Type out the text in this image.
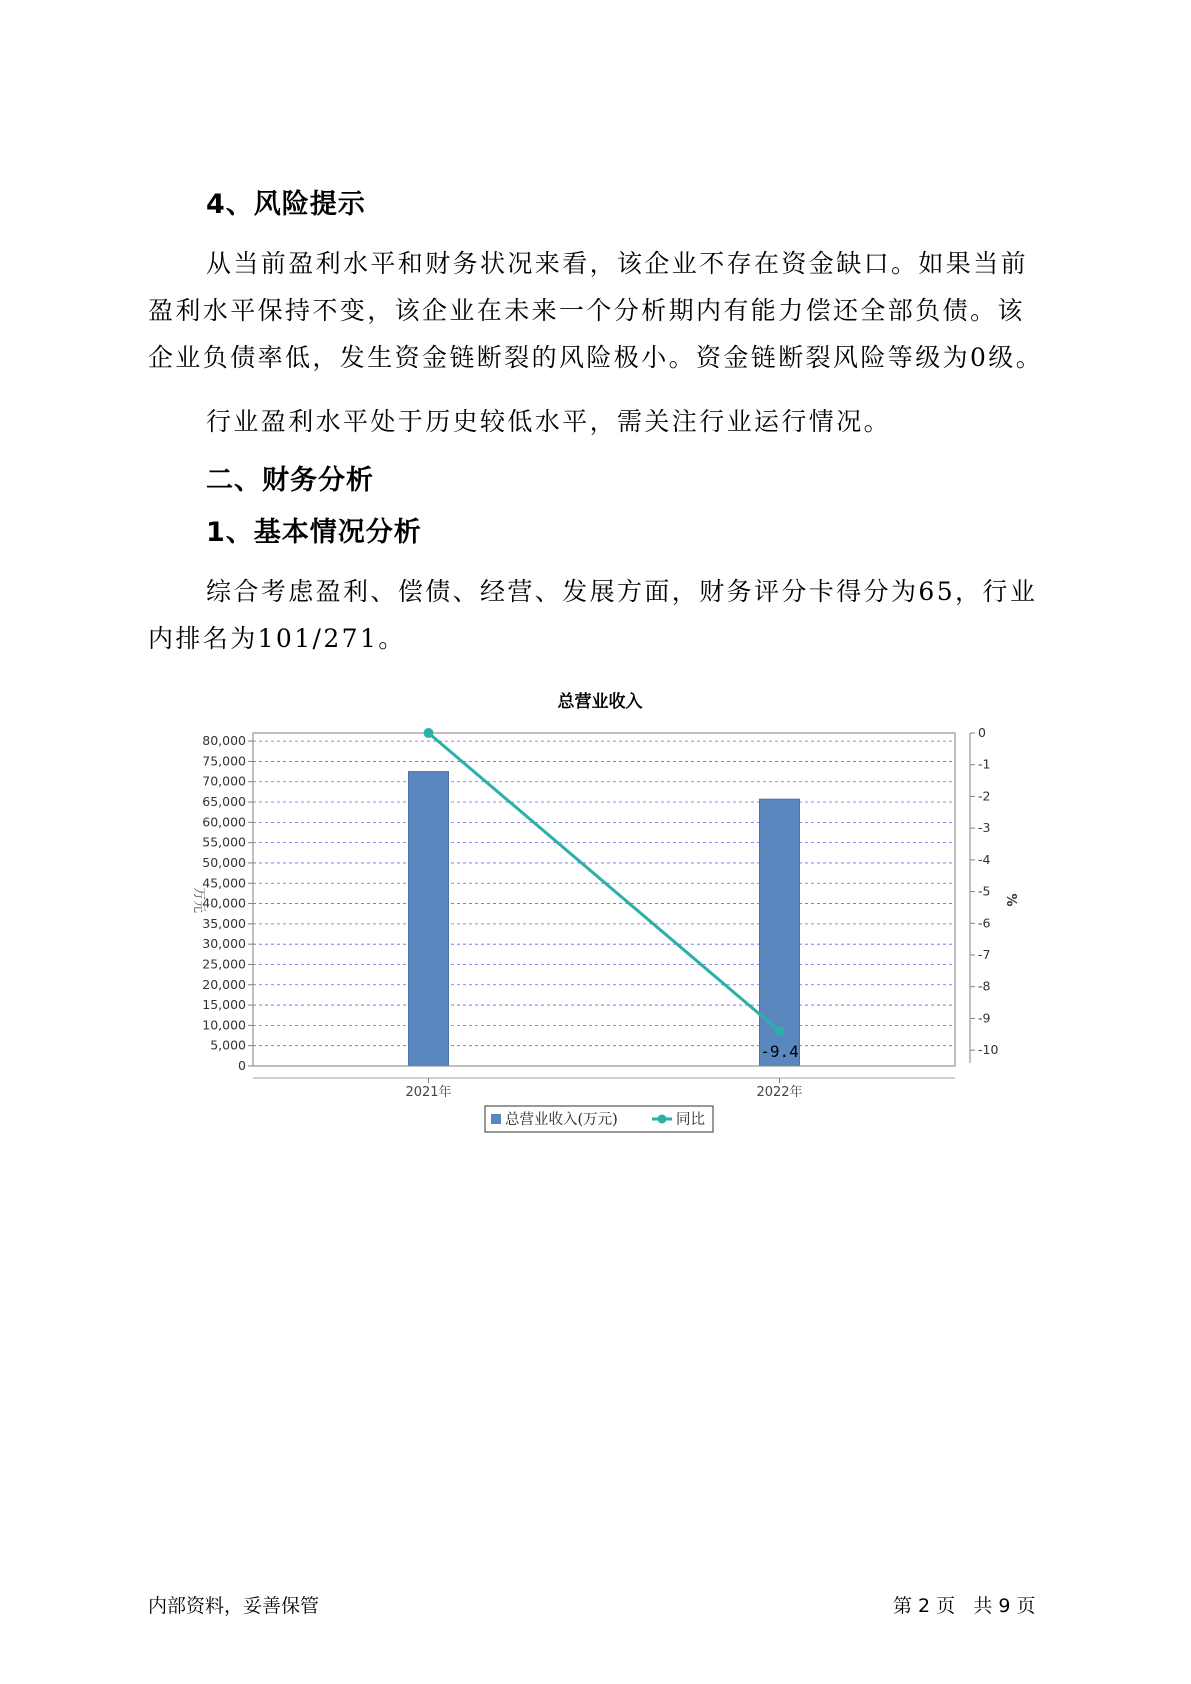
4、风险提示

从当前盈利水平和财务状况来看，该企业不存在资金缺口。如果当前盈利水平保持不变，该企业在未来一个分析期内有能力偿还全部负债。该企业负债率低，发生资金链断裂的风险极小。资金链断裂风险等级为0级。

行业盈利水平处于历史较低水平，需关注行业运行情况。

二、财务分析
1、基本情况分析

综合考虑盈利、偿债、经营、发展方面，财务评分卡得分为65，行业内排名为101/271。

总营业收入
0
5,000
10,000
15,000
20,000
25,000
30,000
35,000
40,000
45,000
50,000
55,000
60,000
65,000
70,000
75,000
80,000
0
-1
-2
-3
-4
-5
-6
-7
-8
-9
-10
万元	%
2021年	2022年
-9.4
总营业收入(万元)	同比
内部资料，妥善保管	第 2 页   共 9 页
